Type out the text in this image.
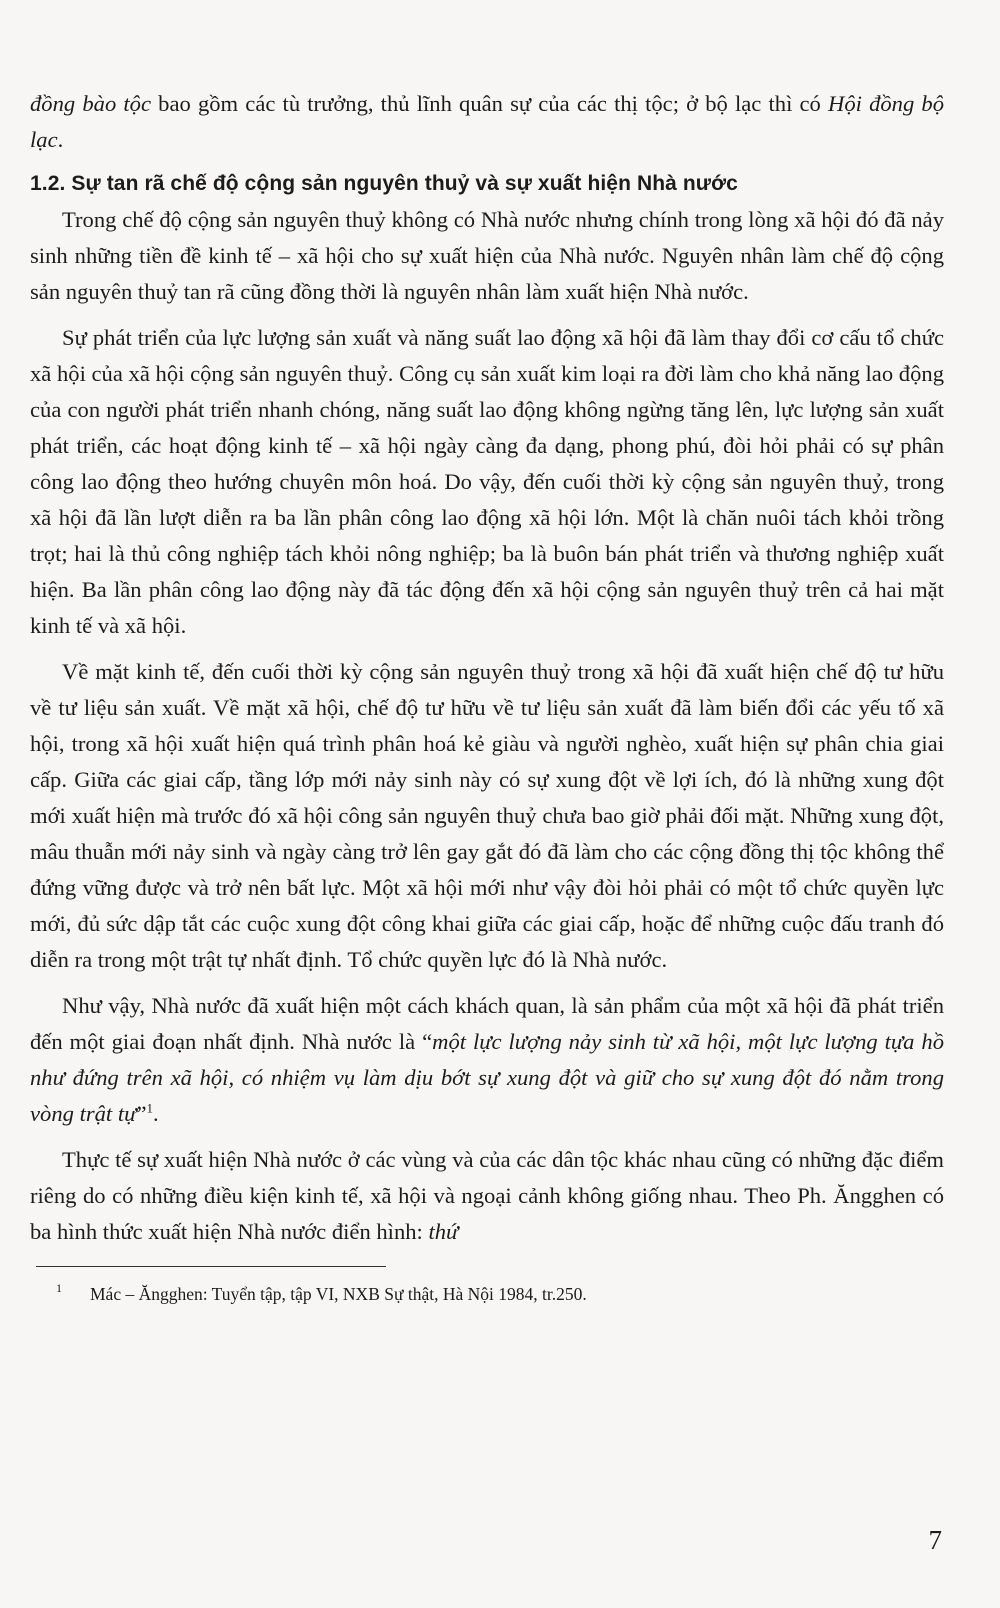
đồng bào tộc bao gồm các tù trưởng, thủ lĩnh quân sự của các thị tộc; ở bộ lạc thì có Hội đồng bộ lạc.

1.2. Sự tan rã chế độ cộng sản nguyên thuỷ và sự xuất hiện Nhà nước

Trong chế độ cộng sản nguyên thuỷ không có Nhà nước nhưng chính trong lòng xã hội đó đã nảy sinh những tiền đề kinh tế – xã hội cho sự xuất hiện của Nhà nước. Nguyên nhân làm chế độ cộng sản nguyên thuỷ tan rã cũng đồng thời là nguyên nhân làm xuất hiện Nhà nước.

Sự phát triển của lực lượng sản xuất và năng suất lao động xã hội đã làm thay đổi cơ cấu tổ chức xã hội của xã hội cộng sản nguyên thuỷ. Công cụ sản xuất kim loại ra đời làm cho khả năng lao động của con người phát triển nhanh chóng, năng suất lao động không ngừng tăng lên, lực lượng sản xuất phát triển, các hoạt động kinh tế – xã hội ngày càng đa dạng, phong phú, đòi hỏi phải có sự phân công lao động theo hướng chuyên môn hoá. Do vậy, đến cuối thời kỳ cộng sản nguyên thuỷ, trong xã hội đã lần lượt diễn ra ba lần phân công lao động xã hội lớn. Một là chăn nuôi tách khỏi trồng trọt; hai là thủ công nghiệp tách khỏi nông nghiệp; ba là buôn bán phát triển và thương nghiệp xuất hiện. Ba lần phân công lao động này đã tác động đến xã hội cộng sản nguyên thuỷ trên cả hai mặt kinh tế và xã hội.

Về mặt kinh tế, đến cuối thời kỳ cộng sản nguyên thuỷ trong xã hội đã xuất hiện chế độ tư hữu về tư liệu sản xuất. Về mặt xã hội, chế độ tư hữu về tư liệu sản xuất đã làm biến đổi các yếu tố xã hội, trong xã hội xuất hiện quá trình phân hoá kẻ giàu và người nghèo, xuất hiện sự phân chia giai cấp. Giữa các giai cấp, tầng lớp mới nảy sinh này có sự xung đột về lợi ích, đó là những xung đột mới xuất hiện mà trước đó xã hội công sản nguyên thuỷ chưa bao giờ phải đối mặt. Những xung đột, mâu thuẫn mới nảy sinh và ngày càng trở lên gay gắt đó đã làm cho các cộng đồng thị tộc không thể đứng vững được và trở nên bất lực. Một xã hội mới như vậy đòi hỏi phải có một tổ chức quyền lực mới, đủ sức dập tắt các cuộc xung đột công khai giữa các giai cấp, hoặc để những cuộc đấu tranh đó diễn ra trong một trật tự nhất định. Tổ chức quyền lực đó là Nhà nước.

Như vậy, Nhà nước đã xuất hiện một cách khách quan, là sản phẩm của một xã hội đã phát triển đến một giai đoạn nhất định. Nhà nước là “một lực lượng nảy sinh từ xã hội, một lực lượng tựa hồ như đứng trên xã hội, có nhiệm vụ làm dịu bớt sự xung đột và giữ cho sự xung đột đó nằm trong vòng trật tự”$^1$.

Thực tế sự xuất hiện Nhà nước ở các vùng và của các dân tộc khác nhau cũng có những đặc điểm riêng do có những điều kiện kinh tế, xã hội và ngoại cảnh không giống nhau. Theo Ph. Ăngghen có ba hình thức xuất hiện Nhà nước điển hình: thứ

1 Mác – Ăngghen: Tuyển tập, tập VI, NXB Sự thật, Hà Nội 1984, tr.250.
7
